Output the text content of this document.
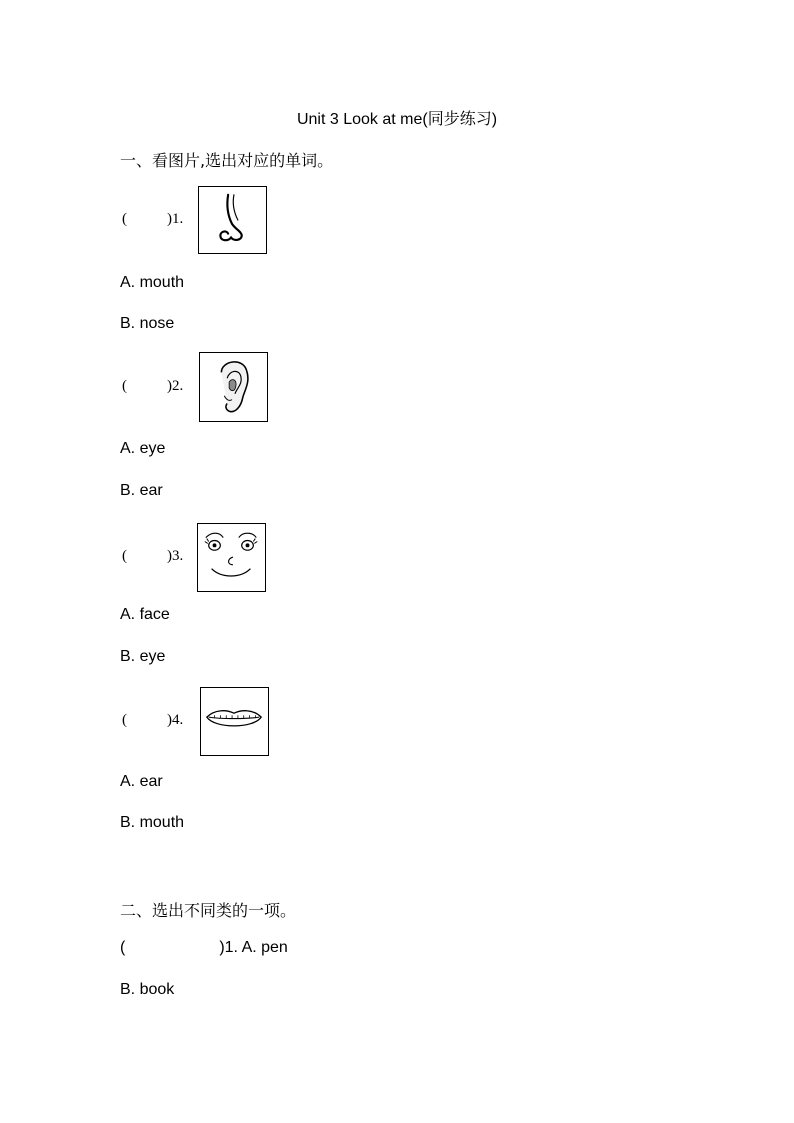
Unit 3 Look at me(同步练习)
一、看图片,选出对应的单词。
(	) 1.
A. mouth
B. nose
(	) 2.
A. eye
B. ear
(	) 3.
A. face
B. eye
(	) 4.
A. ear
B. mouth
二、选出不同类的一项。
(	)1. A. pen
B. book
